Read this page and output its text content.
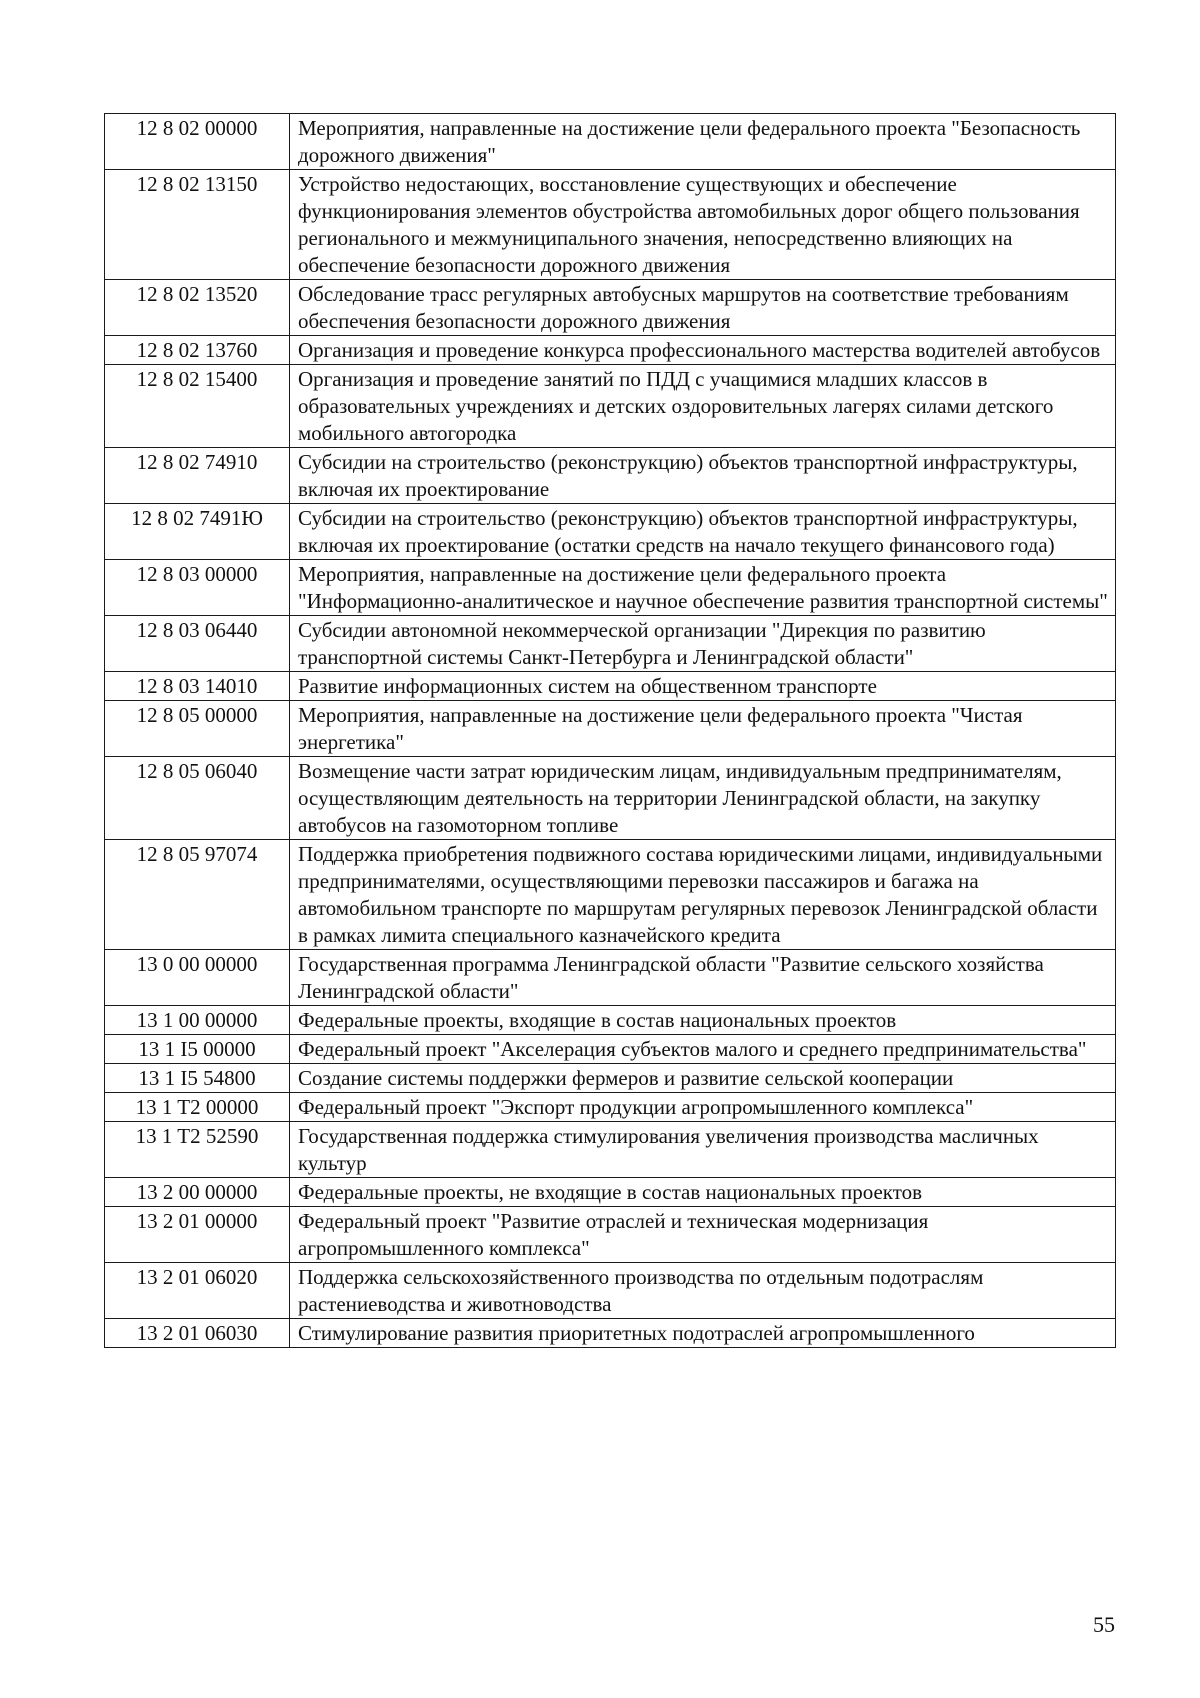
12 8 02 00000	Мероприятия, направленные на достижение цели федерального проекта "Безопасность дорожного движения"
12 8 02 13150	Устройство недостающих, восстановление существующих и обеспечение функционирования элементов обустройства автомобильных дорог общего пользования регионального и межмуниципального значения, непосредственно влияющих на обеспечение безопасности дорожного движения
12 8 02 13520	Обследование трасс регулярных автобусных маршрутов на соответствие требованиям обеспечения безопасности дорожного движения
12 8 02 13760	Организация и проведение конкурса профессионального мастерства водителей автобусов
12 8 02 15400	Организация и проведение занятий по ПДД с учащимися младших классов в образовательных учреждениях и детских оздоровительных лагерях силами детского мобильного автогородка
12 8 02 74910	Субсидии на строительство (реконструкцию) объектов транспортной инфраструктуры, включая их проектирование
12 8 02 7491Ю	Субсидии на строительство (реконструкцию) объектов транспортной инфраструктуры, включая их проектирование (остатки средств на начало текущего финансового года)
12 8 03 00000	Мероприятия, направленные на достижение цели федерального проекта "Информационно-аналитическое и научное обеспечение развития транспортной системы"
12 8 03 06440	Субсидии автономной некоммерческой организации "Дирекция по развитию транспортной системы Санкт-Петербурга и Ленинградской области"
12 8 03 14010	Развитие информационных систем на общественном транспорте
12 8 05 00000	Мероприятия, направленные на достижение цели федерального проекта "Чистая энергетика"
12 8 05 06040	Возмещение части затрат юридическим лицам, индивидуальным предпринимателям, осуществляющим деятельность на территории Ленинградской области, на закупку автобусов на газомоторном топливе
12 8 05 97074	Поддержка приобретения подвижного состава юридическими лицами, индивидуальными предпринимателями, осуществляющими перевозки пассажиров и багажа на автомобильном транспорте по маршрутам регулярных перевозок Ленинградской области в рамках лимита специального казначейского кредита
13 0 00 00000	Государственная программа Ленинградской области "Развитие сельского хозяйства Ленинградской области"
13 1 00 00000	Федеральные проекты, входящие в состав национальных проектов
13 1 I5 00000	Федеральный проект "Акселерация субъектов малого и среднего предпринимательства"
13 1 I5 54800	Создание системы поддержки фермеров и развитие сельской кооперации
13 1 T2 00000	Федеральный проект "Экспорт продукции агропромышленного комплекса"
13 1 T2 52590	Государственная поддержка стимулирования увеличения производства масличных культур
13 2 00 00000	Федеральные проекты, не входящие в состав национальных проектов
13 2 01 00000	Федеральный проект "Развитие отраслей и техническая модернизация агропромышленного комплекса"
13 2 01 06020	Поддержка сельскохозяйственного производства по отдельным подотраслям растениеводства и животноводства
13 2 01 06030	Стимулирование развития приоритетных подотраслей агропромышленного
55
